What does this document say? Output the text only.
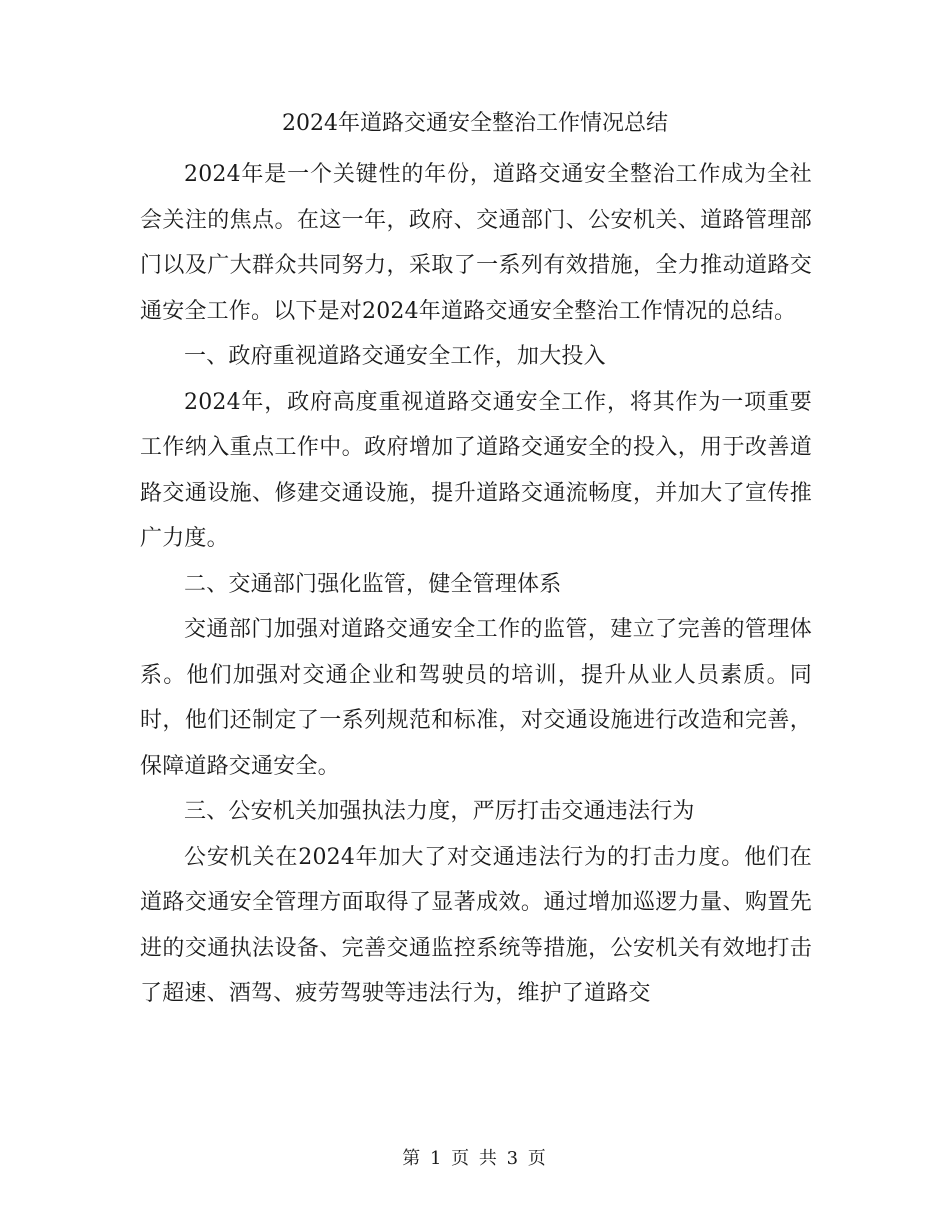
2024年道路交通安全整治工作情况总结

2024年是一个关键性的年份，道路交通安全整治工作成为全社会关注的焦点。在这一年，政府、交通部门、公安机关、道路管理部门以及广大群众共同努力，采取了一系列有效措施，全力推动道路交通安全工作。以下是对2024年道路交通安全整治工作情况的总结。

一、政府重视道路交通安全工作，加大投入

2024年，政府高度重视道路交通安全工作，将其作为一项重要工作纳入重点工作中。政府增加了道路交通安全的投入，用于改善道路交通设施、修建交通设施，提升道路交通流畅度，并加大了宣传推广力度。

二、交通部门强化监管，健全管理体系

交通部门加强对道路交通安全工作的监管，建立了完善的管理体系。他们加强对交通企业和驾驶员的培训，提升从业人员素质。同时，他们还制定了一系列规范和标准，对交通设施进行改造和完善，保障道路交通安全。

三、公安机关加强执法力度，严厉打击交通违法行为

公安机关在2024年加大了对交通违法行为的打击力度。他们在道路交通安全管理方面取得了显著成效。通过增加巡逻力量、购置先进的交通执法设备、完善交通监控系统等措施，公安机关有效地打击了超速、酒驾、疲劳驾驶等违法行为，维护了道路交

第 1 页 共 3 页
